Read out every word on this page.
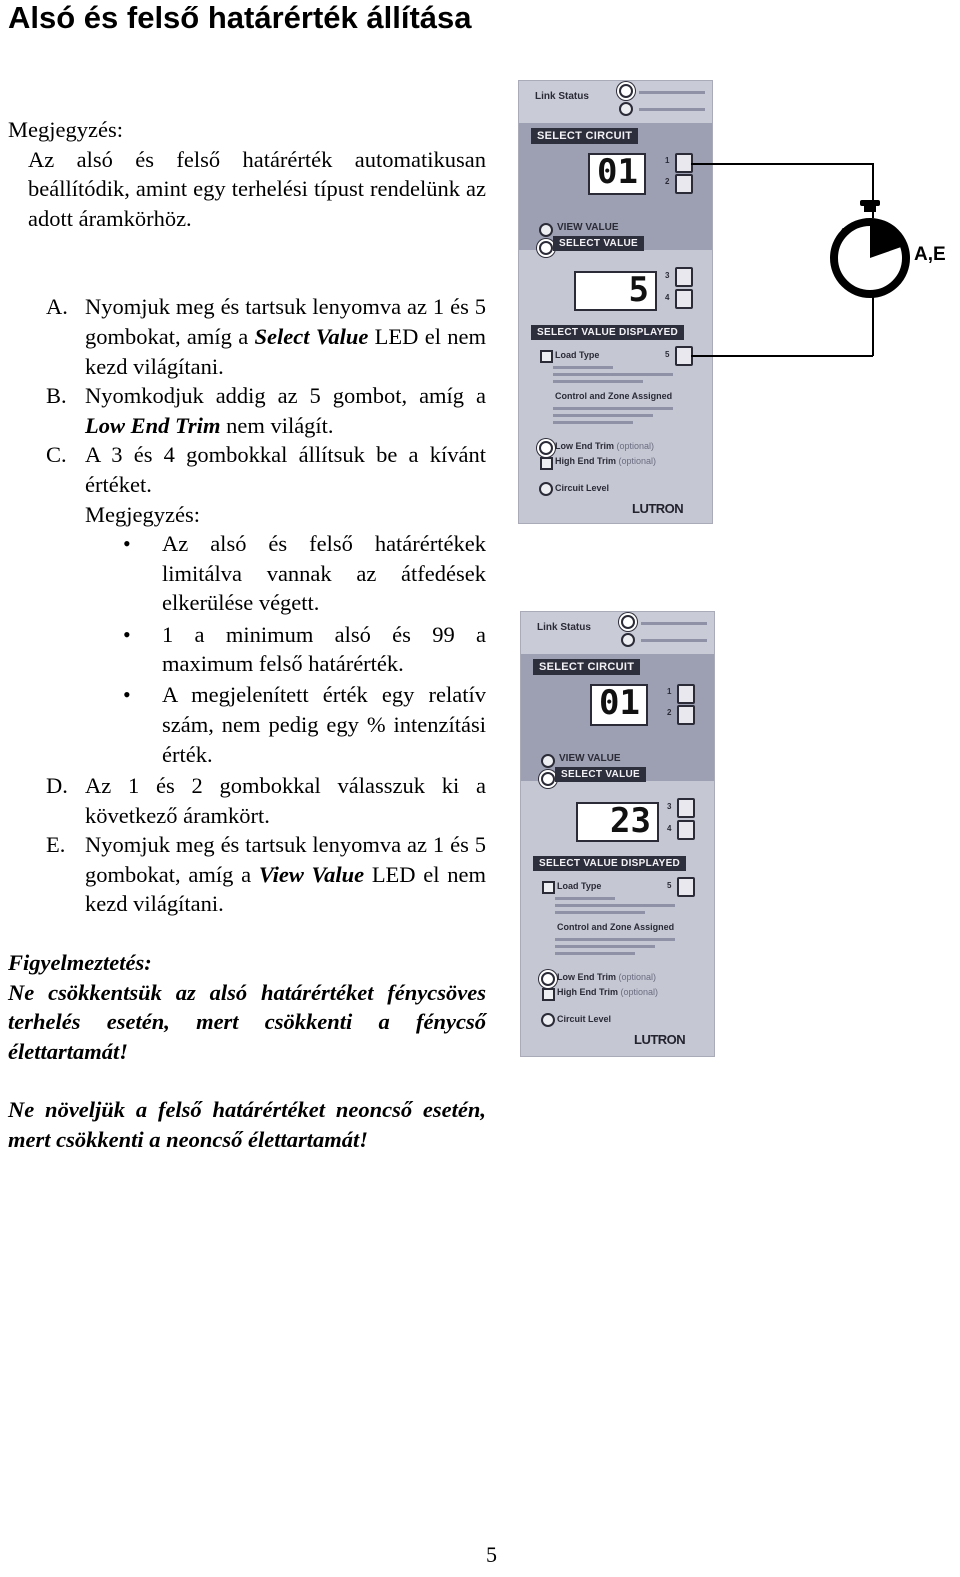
Alsó és felső határérték állítása

Megjegyzés:

Az alsó és felső határérték automatikusan beállítódik, amint egy terhelési típust rendelünk az adott áramkörhöz.

A. Nyomjuk meg és tartsuk lenyomva az 1 és 5 gombokat, amíg a Select Value LED el nem kezd világítani.
B. Nyomkodjuk addig az 5 gombot, amíg a Low End Trim nem világít.
C. A 3 és 4 gombokkal állítsuk be a kívánt értéket.
Megjegyzés:
• Az alsó és felső határértékek limitálva vannak az átfedések elkerülése végett.
• 1 a minimum alsó és 99 a maximum felső határérték.
• A megjelenített érték egy relatív szám, nem pedig egy % intenzítási érték.
D. Az 1 és 2 gombokkal válasszuk ki a következő áramkört.
E. Nyomjuk meg és tartsuk lenyomva az 1 és 5 gombokat, amíg a View Value LED el nem kezd világítani.

Figyelmeztetés:

Ne csökkentsük az alsó határértéket fénycsöves terhelés esetén, mert csökkenti a fénycső élettartamát!

Ne növeljük a felső határértéket neoncső esetén, mert csökkenti a neoncső élettartamát!

Link Status
SELECT CIRCUIT
01	1
2
VIEW VALUE
SELECT VALUE
5	3
4
SELECT VALUE DISPLAYED
Load Type	5
Control and Zone Assigned
Low End Trim (optional)
High End Trim (optional)
Circuit Level
LUTRON
4
A,E
Link Status
SELECT CIRCUIT
01	1
2
VIEW VALUE
SELECT VALUE
23	3
4
SELECT VALUE DISPLAYED
Load Type	5
Control and Zone Assigned
Low End Trim (optional)
High End Trim (optional)
Circuit Level
LUTRON
5
